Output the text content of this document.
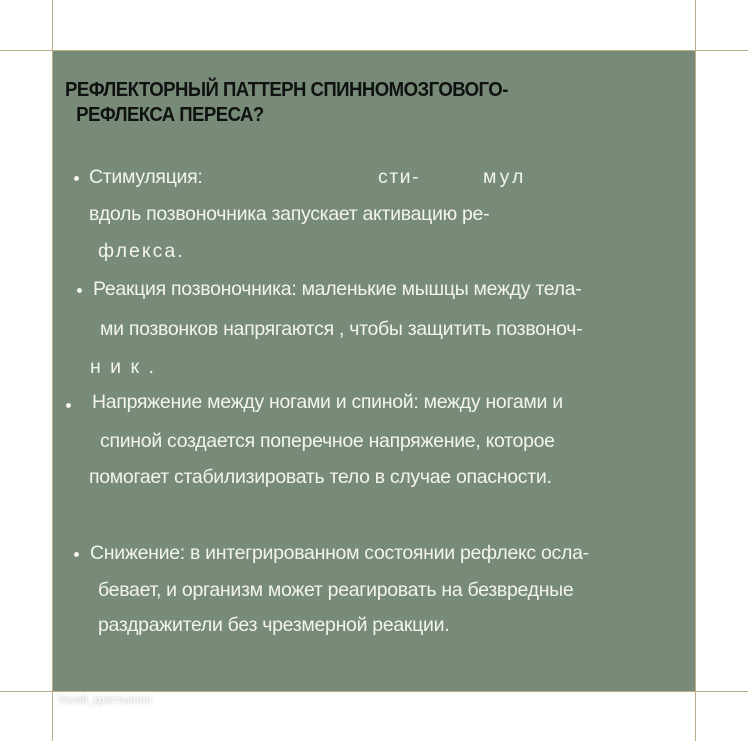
РЕФЛЕКТОРНЫЙ ПАТТЕРН СПИННОМОЗГОВОГО-
РЕФЛЕКСА ПЕРЕСА?
Стимуляция:	сти-	мул
вдоль позвоночника запускает активацию ре-
флекса.
Реакция позвоночника: маленькие мышцы между тела-
ми позвонков напрягаются , чтобы защитить позвоноч-
н и к .
Напряжение между ногами и спиной: между ногами и
спиной создается поперечное напряжение, которое
помогает стабилизировать тело в случае опасности.
Снижение: в интегрированном состоянии рефлекс осла-
бевает, и организм может реагировать на безвредные
раздражители без чрезмерной реакции.
Узнай_крестьянин
